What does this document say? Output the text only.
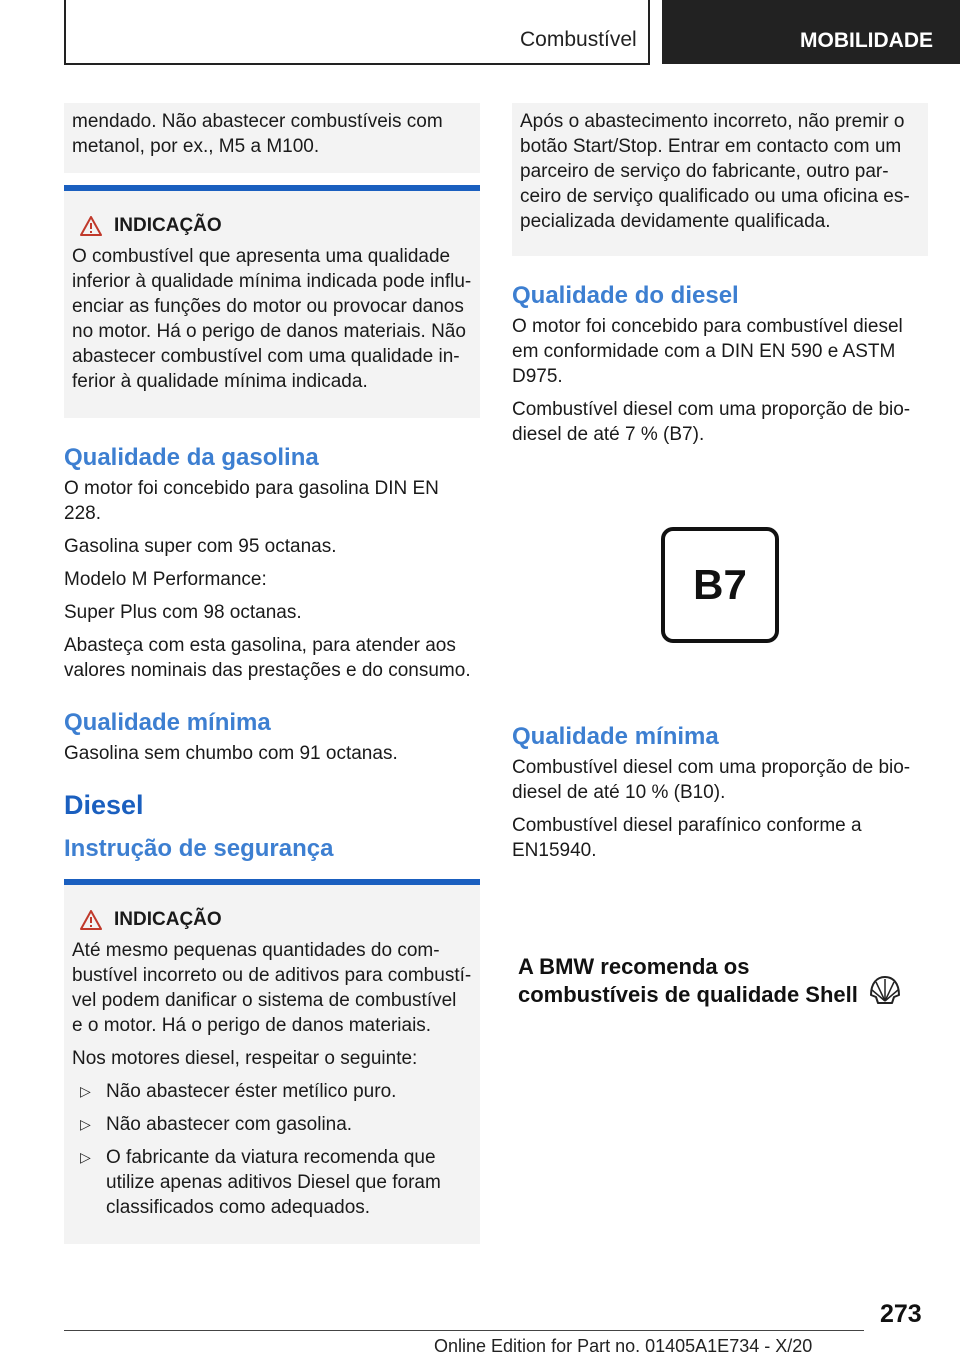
Combustível	MOBILIDADE

mendado. Não abastecer combustíveis com metanol, por ex., M5 a M100.

INDICAÇÃO

O combustível que apresenta uma qualidade inferior à qualidade mínima indicada pode influ- enciar as funções do motor ou provocar danos no motor. Há o perigo de danos materiais. Não abastecer combustível com uma qualidade in- ferior à qualidade mínima indicada.

Qualidade da gasolina

O motor foi concebido para gasolina DIN EN 228.

Gasolina super com 95 octanas.

Modelo M Performance:

Super Plus com 98 octanas.

Abasteça com esta gasolina, para atender aos valores nominais das prestações e do consumo.

Qualidade mínima

Gasolina sem chumbo com 91 octanas.

Diesel
Instrução de segurança
INDICAÇÃO

Até mesmo pequenas quantidades do com- bustível incorreto ou de aditivos para combustí- vel podem danificar o sistema de combustível e o motor. Há o perigo de danos materiais.

Nos motores diesel, respeitar o seguinte:

▷ Não abastecer éster metílico puro.
▷ Não abastecer com gasolina.
▷ O fabricante da viatura recomenda que utilize apenas aditivos Diesel que foram classificados como adequados.

Após o abastecimento incorreto, não premir o botão Start/Stop. Entrar em contacto com um parceiro de serviço do fabricante, outro par- ceiro de serviço qualificado ou uma oficina es- pecializada devidamente qualificada.

Qualidade do diesel

O motor foi concebido para combustível diesel em conformidade com a DIN EN 590 e ASTM D975.

Combustível diesel com uma proporção de bio- diesel de até 7 % (B7).

B7
Qualidade mínima

Combustível diesel com uma proporção de bio- diesel de até 10 % (B10).

Combustível diesel parafínico conforme a EN15940.

A BMW recomenda os
combustíveis de qualidade Shell
273
Online Edition for Part no. 01405A1E734 - X/20
